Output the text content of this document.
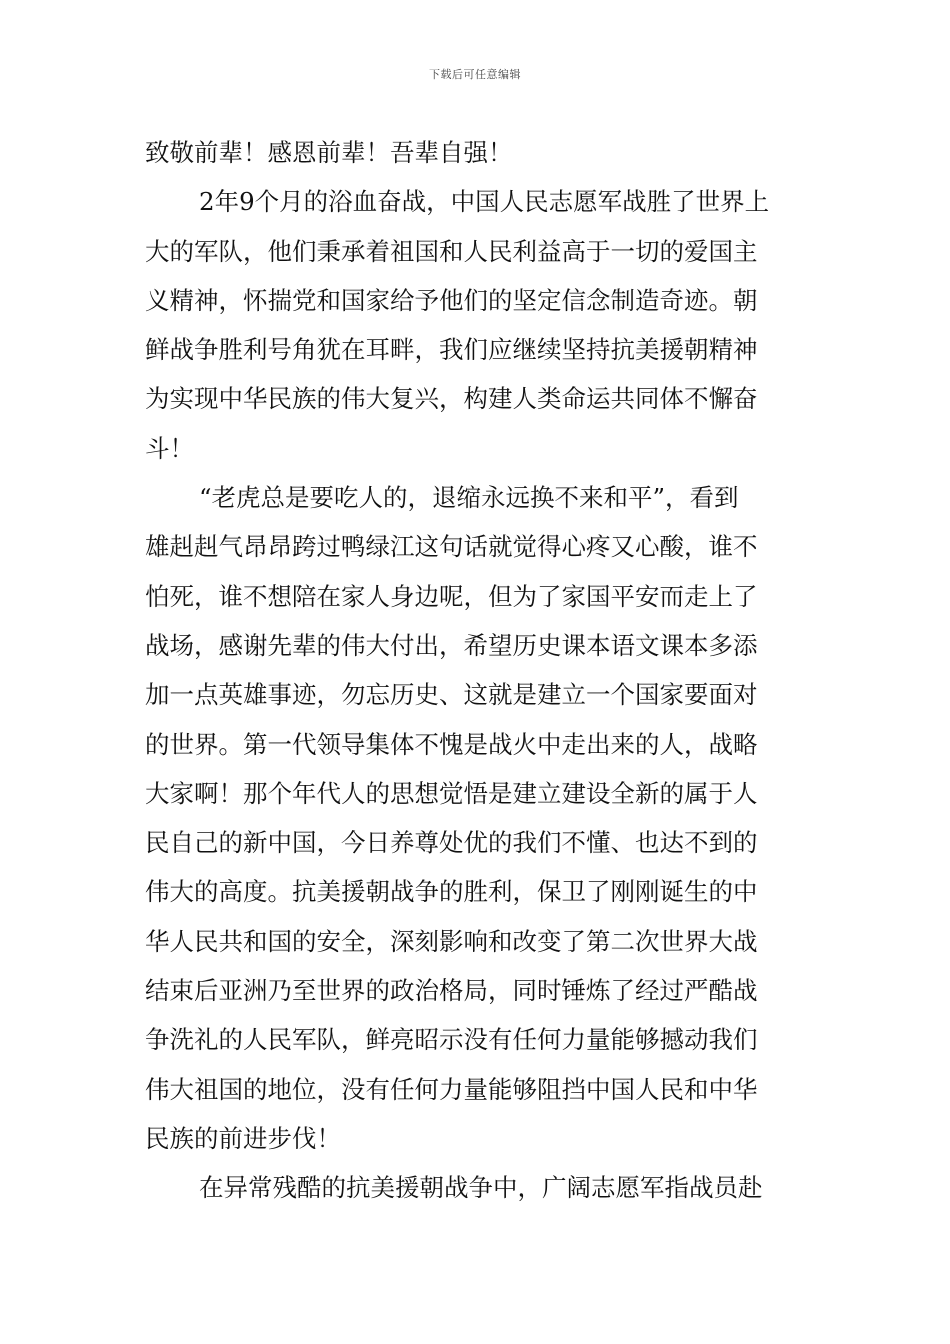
下载后可任意编辑
致敬前辈！感恩前辈！吾辈自强！
2年9个月的浴血奋战，中国人民志愿军战胜了世界上
大的军队，他们秉承着祖国和人民利益高于一切的爱国主
义精神，怀揣党和国家给予他们的坚定信念制造奇迹。朝
鲜战争胜利号角犹在耳畔，我们应继续坚持抗美援朝精神
为实现中华民族的伟大复兴，构建人类命运共同体不懈奋
斗！
“老虎总是要吃人的，退缩永远换不来和平”，看到
雄赳赳气昂昂跨过鸭绿江这句话就觉得心疼又心酸，谁不
怕死，谁不想陪在家人身边呢，但为了家国平安而走上了
战场，感谢先辈的伟大付出，希望历史课本语文课本多添
加一点英雄事迹，勿忘历史、这就是建立一个国家要面对
的世界。第一代领导集体不愧是战火中走出来的人，战略
大家啊！那个年代人的思想觉悟是建立建设全新的属于人
民自己的新中国，今日养尊处优的我们不懂、也达不到的
伟大的高度。抗美援朝战争的胜利，保卫了刚刚诞生的中
华人民共和国的安全，深刻影响和改变了第二次世界大战
结束后亚洲乃至世界的政治格局，同时锤炼了经过严酷战
争洗礼的人民军队，鲜亮昭示没有任何力量能够撼动我们
伟大祖国的地位，没有任何力量能够阻挡中国人民和中华
民族的前进步伐！
在异常残酷的抗美援朝战争中，广阔志愿军指战员赴
